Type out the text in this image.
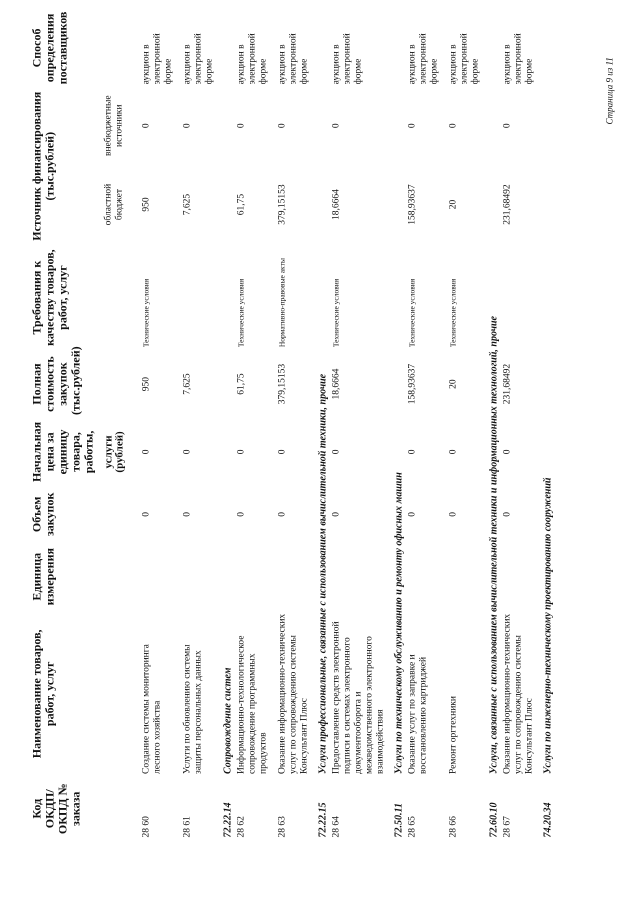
Код ОКДП/ ОКПД № заказа	Наименование товаров, работ, услуг	Единица измерения	Объем закупок	Начальная цена за единицу товара, работы,	Полная стоимость закупок (тыс.рублей)	Требования к качеству товаров, работ, услуг	Источник финансирования (тыс.рублей)		Способ определения поставщиков
				услуги (рублей)			областной бюджет	внебюджетные источники	
28 60	Создание системы мониторинга лесного хозяйства		0	0	950	Технические условия	950	0	аукцион в электронной форме
28 61	Услуги по обновлению системы защиты персональных данных		0	0	7,625		7,625	0	аукцион в электронной форме
72.22.14	Сопровождение систем								
28 62	Информационно-технологическое сопровождение программных продуктов		0	0	61,75	Технические условия	61,75	0	аукцион в электронной форме
28 63	Оказание информационно-технических услуг по сопровождению системы Консультант Плюс		0	0	379,15153	Нормативно-правовые акты	379,15153	0	аукцион в электронной форме
72.22.15	Услуги профессиональные, связанные с использованием вычислительной техники, прочие								
28 64	Предоставление средств электронной подписи в системах электронного документооборота и межведомственного электронного взаимодействия		0	0	18,6664	Технические условия	18,6664	0	аукцион в электронной форме
72.50.11	Услуги по техническому обслуживанию и ремонту офисных машин								
28 65	Оказание услуг по заправке и восстановлению картриджей		0	0	158,93637	Технические условия	158,93637	0	аукцион в электронной форме
28 66	Ремонт оргтехники		0	0	20	Технические условия	20	0	аукцион в электронной форме
72.60.10	Услуги, связанные с использованием вычислительной техники и информационных технологий, прочие								
28 67	Оказание информационно-технических услуг по сопровождению системы Консультант Плюс		0	0	231,68492		231,68492	0	аукцион в электронной форме
74.20.34	Услуги по инженерно-техническому проектированию сооружений								
Страница 9 из 11
